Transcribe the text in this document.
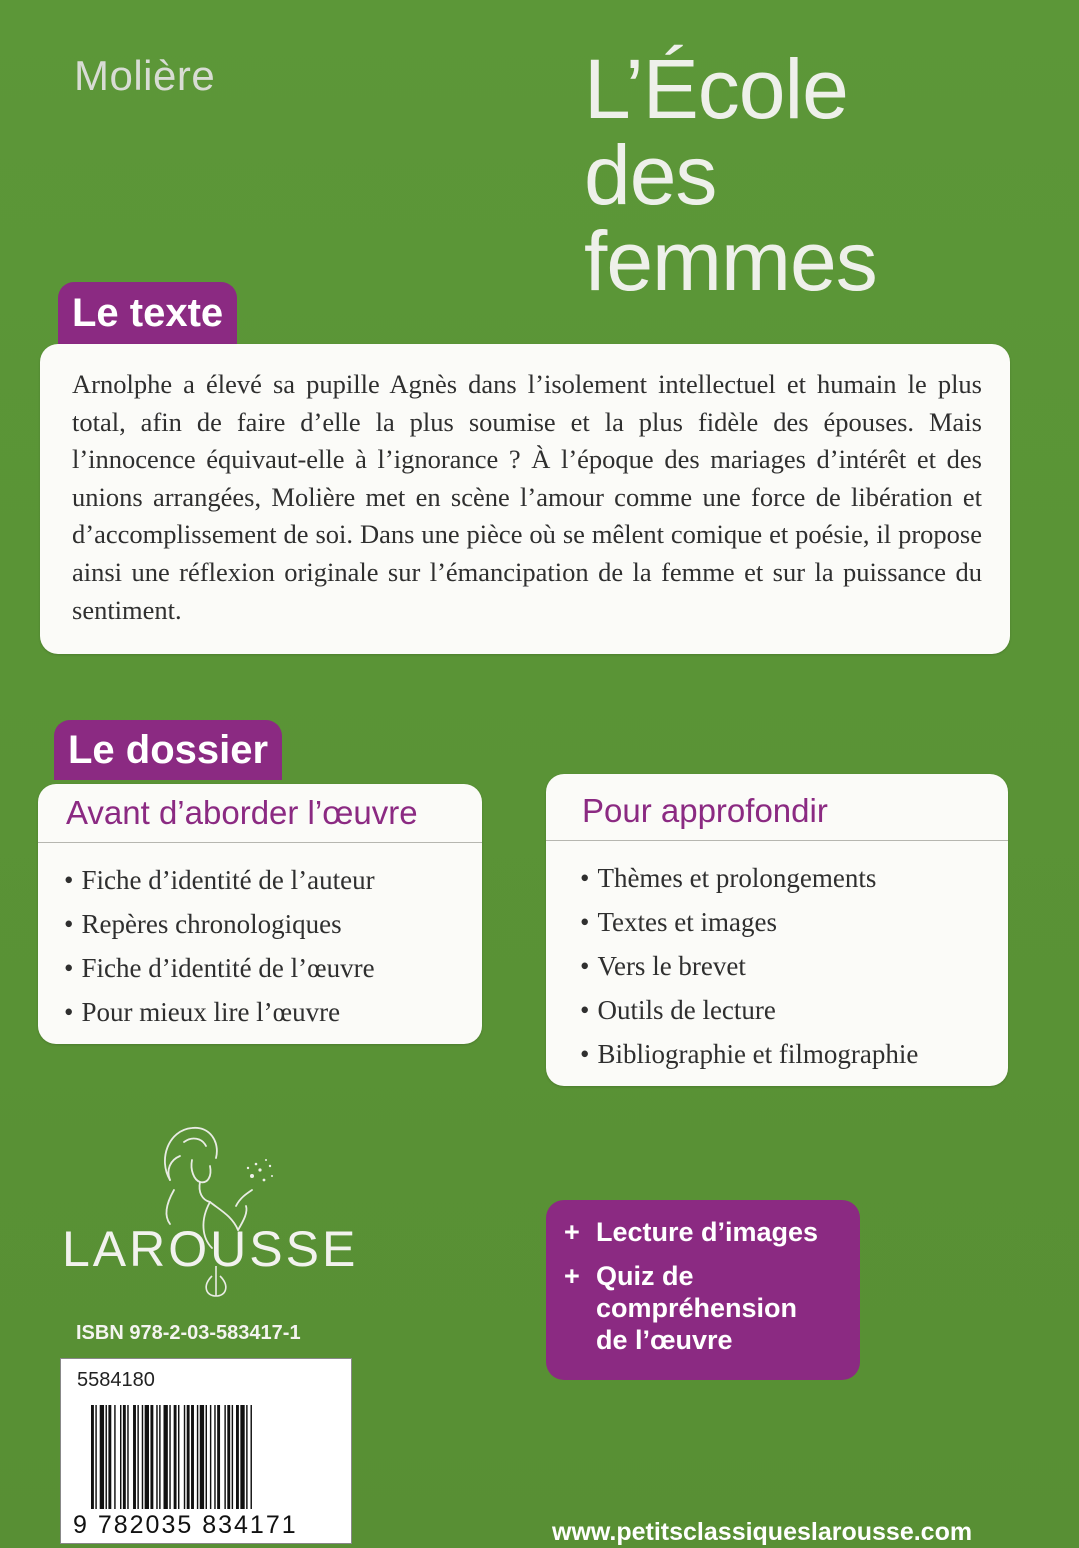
Molière	L’École
des
femmes
Le texte
Arnolphe a élevé sa pupille Agnès dans l’isolement intellectuel et humain le plus total, afin de faire d’elle la plus soumise et la plus fidèle des épouses. Mais l’innocence équivaut-elle à l’ignorance ? À l’époque des mariages d’intérêt et des unions arrangées, Molière met en scène l’amour comme une force de libération et d’accomplissement de soi. Dans une pièce où se mêlent comique et poésie, il propose ainsi une réflexion originale sur l’émancipation de la femme et sur la puissance du sentiment.
Le dossier
Avant d’aborder l’œuvre
• Fiche d’identité de l’auteur
• Repères chronologiques
• Fiche d’identité de l’œuvre
• Pour mieux lire l’œuvre
Pour approfondir
• Thèmes et prolongements
• Textes et images
• Vers le brevet
• Outils de lecture
• Bibliographie et filmographie
LAROUSSE
ISBN 978-2-03-583417-1
5584180
9 782035 834171
+ Lecture d’images
+ Quiz de
compréhension
de l’œuvre
www.petitsclassiqueslarousse.com
